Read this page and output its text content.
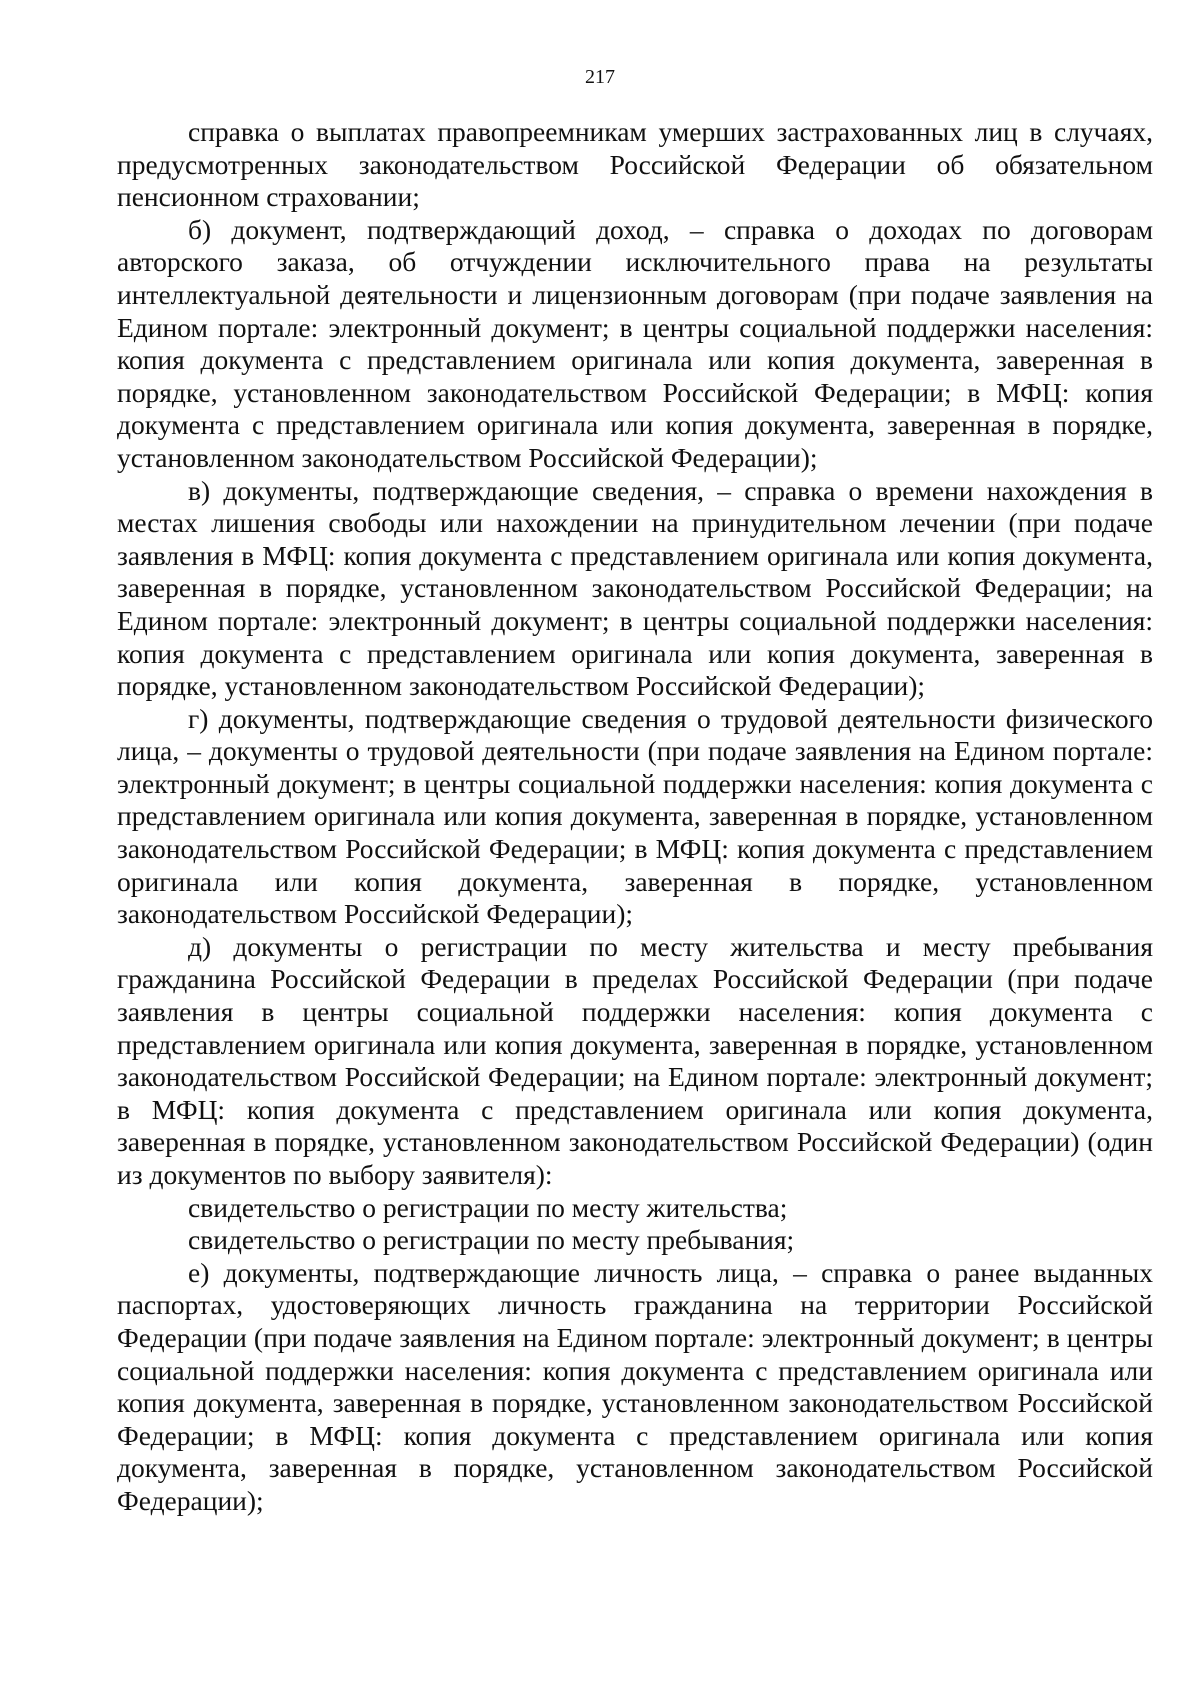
217

справка о выплатах правопреемникам умерших застрахованных лиц в случаях, предусмотренных законодательством Российской Федерации об обязательном пенсионном страховании;

б) документ, подтверждающий доход, – справка о доходах по договорам авторского заказа, об отчуждении исключительного права на результаты интеллектуальной деятельности и лицензионным договорам (при подаче заявления на Едином портале: электронный документ; в центры социальной поддержки населения: копия документа с представлением оригинала или копия документа, заверенная в порядке, установленном законодательством Российской Федерации; в МФЦ: копия документа с представлением оригинала или копия документа, заверенная в порядке, установленном законодательством Российской Федерации);

в) документы, подтверждающие сведения, – справка о времени нахождения в местах лишения свободы или нахождении на принудительном лечении (при подаче заявления в МФЦ: копия документа с представлением оригинала или копия документа, заверенная в порядке, установленном законодательством Российской Федерации; на Едином портале: электронный документ; в центры социальной поддержки населения: копия документа с представлением оригинала или копия документа, заверенная в порядке, установленном законодательством Российской Федерации);

г) документы, подтверждающие сведения о трудовой деятельности физического лица, – документы о трудовой деятельности (при подаче заявления на Едином портале: электронный документ; в центры социальной поддержки населения: копия документа с представлением оригинала или копия документа, заверенная в порядке, установленном законодательством Российской Федерации; в МФЦ: копия документа с представлением оригинала или копия документа, заверенная в порядке, установленном законодательством Российской Федерации);

д) документы о регистрации по месту жительства и месту пребывания гражданина Российской Федерации в пределах Российской Федерации (при подаче заявления в центры социальной поддержки населения: копия документа с представлением оригинала или копия документа, заверенная в порядке, установленном законодательством Российской Федерации; на Едином портале: электронный документ; в МФЦ: копия документа с представлением оригинала или копия документа, заверенная в порядке, установленном законодательством Российской Федерации) (один из документов по выбору заявителя):

свидетельство о регистрации по месту жительства;

свидетельство о регистрации по месту пребывания;

е) документы, подтверждающие личность лица, – справка о ранее выданных паспортах, удостоверяющих личность гражданина на территории Российской Федерации (при подаче заявления на Едином портале: электронный документ; в центры социальной поддержки населения: копия документа с представлением оригинала или копия документа, заверенная в порядке, установленном законодательством Российской Федерации; в МФЦ: копия документа с представлением оригинала или копия документа, заверенная в порядке, установленном законодательством Российской Федерации);
